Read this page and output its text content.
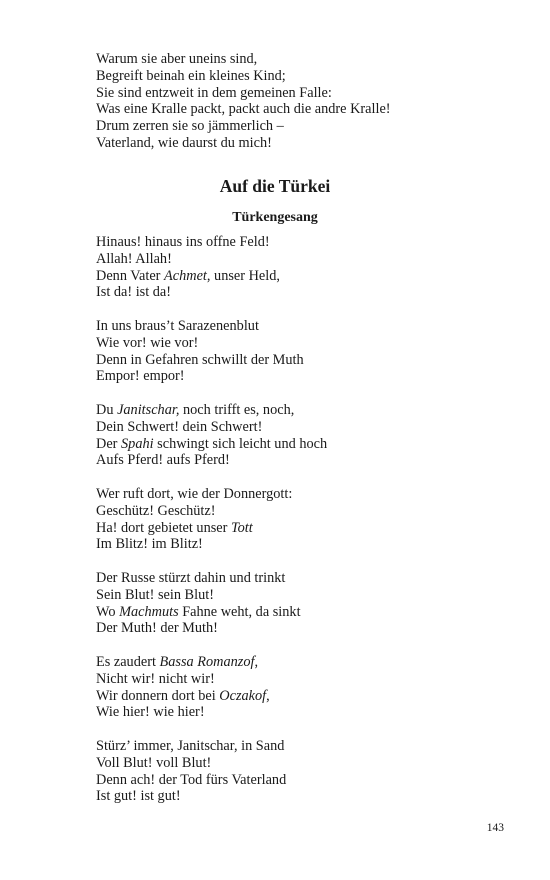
Warum sie aber uneins sind,
Begreift beinah ein kleines Kind;
Sie sind entzweit in dem gemeinen Falle:
Was eine Kralle packt, packt auch die andre Kralle!
Drum zerren sie so jämmerlich –
Vaterland, wie daurst du mich!
Auf die Türkei
Türkengesang
Hinaus! hinaus ins offne Feld!
Allah! Allah!
Denn Vater Achmet, unser Held,
Ist da! ist da!
In uns braus’t Sarazenenblut
Wie vor! wie vor!
Denn in Gefahren schwillt der Muth
Empor! empor!
Du Janitschar, noch trifft es, noch,
Dein Schwert! dein Schwert!
Der Spahi schwingt sich leicht und hoch
Aufs Pferd! aufs Pferd!
Wer ruft dort, wie der Donnergott:
Geschütz! Geschütz!
Ha! dort gebietet unser Tott
Im Blitz! im Blitz!
Der Russe stürzt dahin und trinkt
Sein Blut! sein Blut!
Wo Machmuts Fahne weht, da sinkt
Der Muth! der Muth!
Es zaudert Bassa Romanzof,
Nicht wir! nicht wir!
Wir donnern dort bei Oczakof,
Wie hier! wie hier!
Stürz’ immer, Janitschar, in Sand
Voll Blut! voll Blut!
Denn ach! der Tod fürs Vaterland
Ist gut! ist gut!
143
